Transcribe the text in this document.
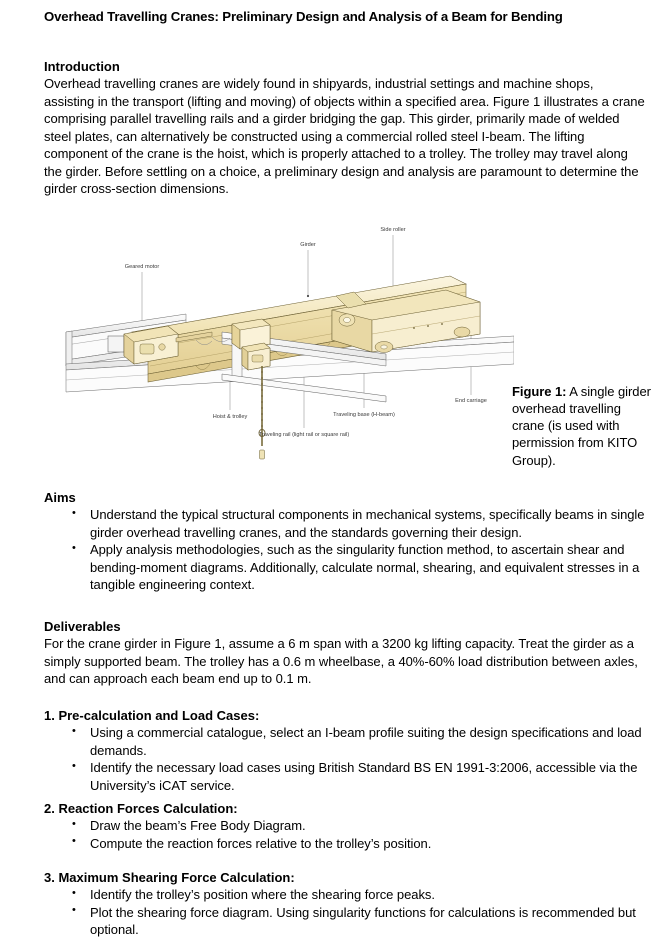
Overhead Travelling Cranes: Preliminary Design and Analysis of a Beam for Bending
Introduction
Overhead travelling cranes are widely found in shipyards, industrial settings and machine shops, assisting in the transport (lifting and moving) of objects within a specified area. Figure 1 illustrates a crane comprising parallel travelling rails and a girder bridging the gap. This girder, primarily made of welded steel plates, can alternatively be constructed using a commercial rolled steel I-beam. The lifting component of the crane is the hoist, which is properly attached to a trolley. The trolley may travel along the girder. Before settling on a choice, a preliminary design and analysis are paramount to determine the girder cross-section dimensions.
Side roller
Girder
Geared motor
End carriage
Hoist & trolley	Traveling base (H-beam)
Traveling rail (light rail or square rail)
Figure 1: A single girder overhead travelling crane (is used with permission from KITO Group).
Aims
• Understand the typical structural components in mechanical systems, specifically beams in single girder overhead travelling cranes, and the standards governing their design.
• Apply analysis methodologies, such as the singularity function method, to ascertain shear and bending-moment diagrams. Additionally, calculate normal, shearing, and equivalent stresses in a tangible engineering context.
Deliverables
For the crane girder in Figure 1, assume a 6 m span with a 3200 kg lifting capacity. Treat the girder as a simply supported beam. The trolley has a 0.6 m wheelbase, a 40%-60% load distribution between axles, and can approach each beam end up to 0.1 m.
1. Pre-calculation and Load Cases:
• Using a commercial catalogue, select an I-beam profile suiting the design specifications and load demands.
• Identify the necessary load cases using British Standard BS EN 1991-3:2006, accessible via the University’s iCAT service.
2. Reaction Forces Calculation:
• Draw the beam’s Free Body Diagram.
• Compute the reaction forces relative to the trolley’s position.
3. Maximum Shearing Force Calculation:
• Identify the trolley’s position where the shearing force peaks.
• Plot the shearing force diagram. Using singularity functions for calculations is recommended but optional.
